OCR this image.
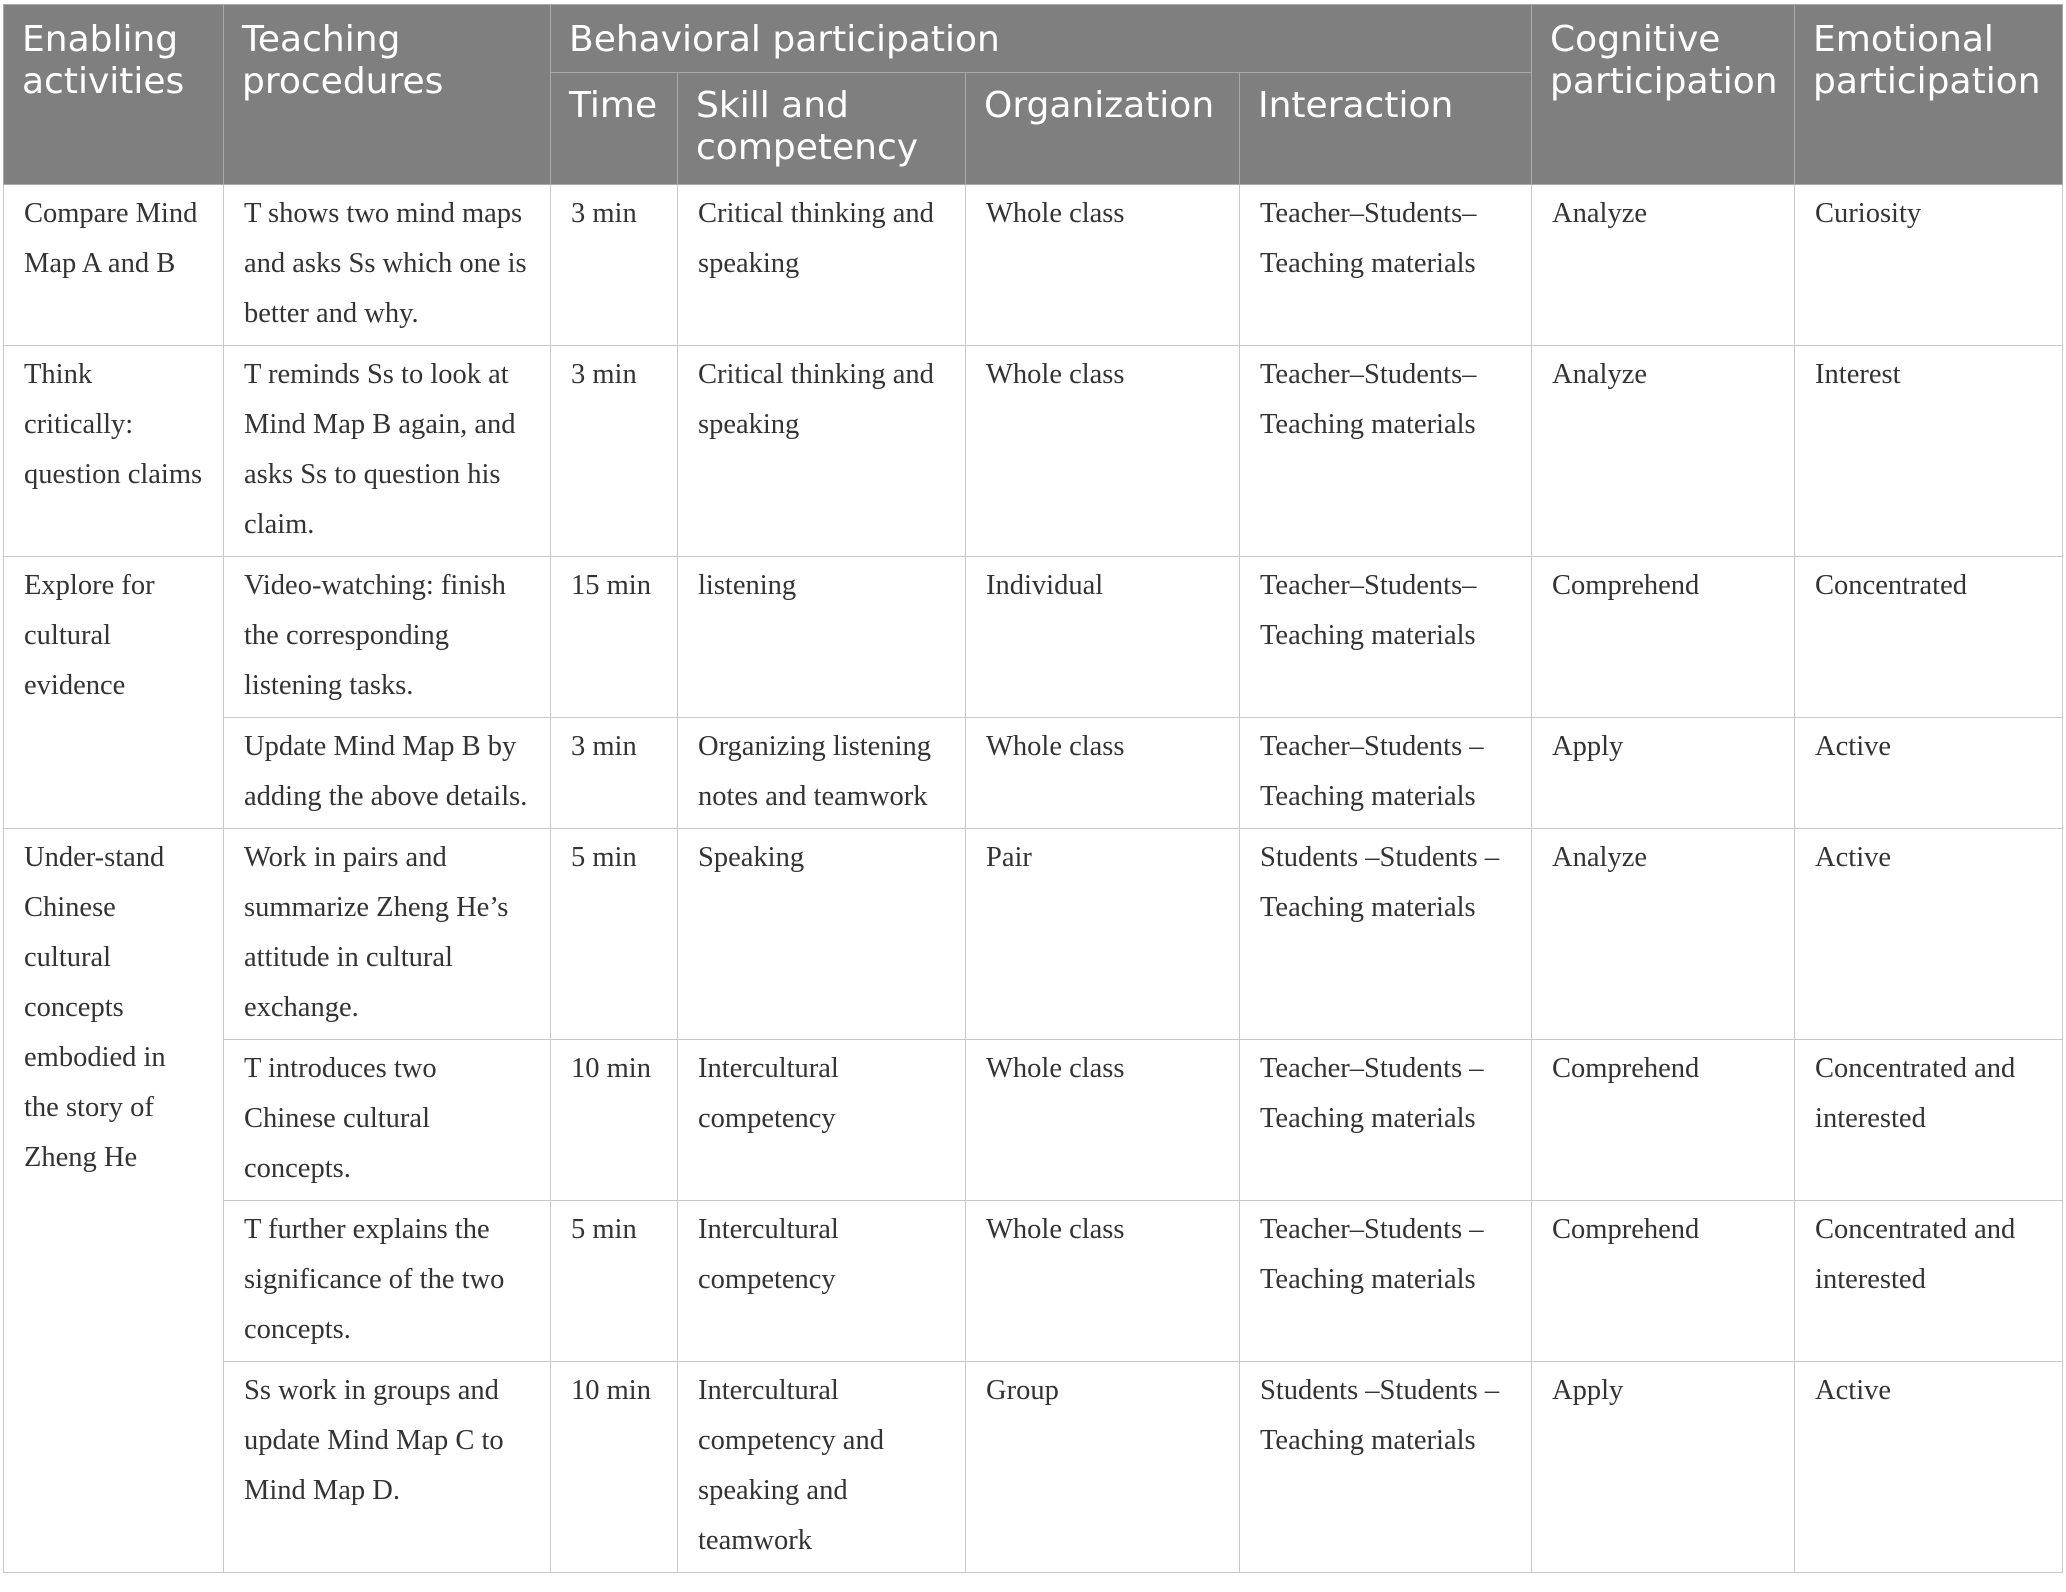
Enabling activities	Teaching procedures	Behavioral participation				Cognitive participation	Emotional participation
		Time	Skill and competency	Organization	Interaction		
Compare Mind Map A and B	T shows two mind maps and asks Ss which one is better and why.	3 min	Critical thinking and speaking	Whole class	Teacher–Students–Teaching materials	Analyze	Curiosity
Think critically: question claims	T reminds Ss to look at Mind Map B again, and asks Ss to question his claim.	3 min	Critical thinking and speaking	Whole class	Teacher–Students–Teaching materials	Analyze	Interest
Explore for cultural evidence	Video-watching: finish the corresponding listening tasks.	15 min	listening	Individual	Teacher–Students–Teaching materials	Comprehend	Concentrated
	Update Mind Map B by adding the above details.	3 min	Organizing listening notes and teamwork	Whole class	Teacher–Students – Teaching materials	Apply	Active
Under-stand Chinese cultural concepts embodied in the story of Zheng He	Work in pairs and summarize Zheng He’s attitude in cultural exchange.	5 min	Speaking	Pair	Students –Students – Teaching materials	Analyze	Active
	T introduces two Chinese cultural concepts.	10 min	Intercultural competency	Whole class	Teacher–Students – Teaching materials	Comprehend	Concentrated and interested
	T further explains the significance of the two concepts.	5 min	Intercultural competency	Whole class	Teacher–Students – Teaching materials	Comprehend	Concentrated and interested
	Ss work in groups and update Mind Map C to Mind Map D.	10 min	Intercultural competency and speaking and teamwork	Group	Students –Students – Teaching materials	Apply	Active
